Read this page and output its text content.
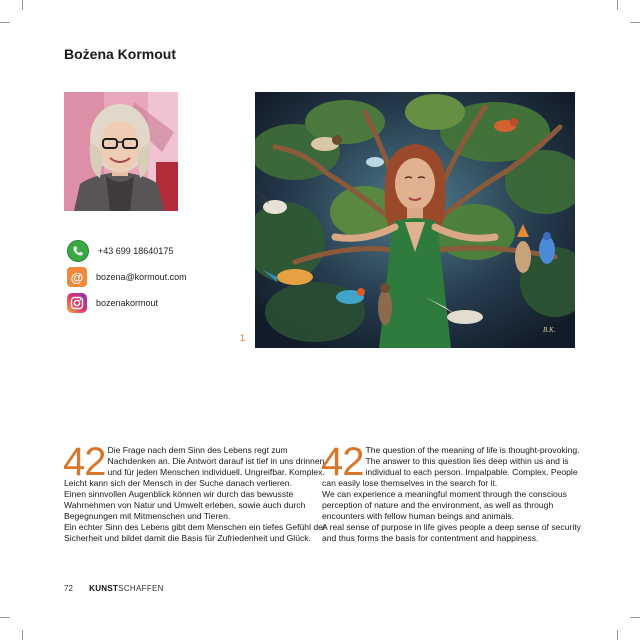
Bożena Kormout
+43 699 18640175
@ bozena@kormout.com
bozenakormout
B.K.
1
42 Die Frage nach dem Sinn des Lebens regt zum Nachdenken an. Die Antwort darauf ist tief in uns drinnen und für jeden Menschen individuell. Ungreifbar. Komplex. Leicht kann sich der Mensch in der Suche danach verlieren.
Einen sinnvollen Augenblick können wir durch das bewusste Wahrnehmen von Natur und Umwelt erleben, sowie auch durch Begegnungen mit Mitmenschen und Tieren.
Ein echter Sinn des Lebens gibt dem Menschen ein tiefes Gefühl der Sicherheit und bildet damit die Basis für Zufriedenheit und Glück.

42 The question of the meaning of life is thought-provoking. The answer to this question lies deep within us and is individual to each person. Impalpable. Complex. People can easily lose themselves in the search for it.
We can experience a meaningful moment through the conscious perception of nature and the environment, as well as through encounters with fellow human beings and animals.
A real sense of purpose in life gives people a deep sense of security and thus forms the basis for contentment and happiness.

72 KUNSTSCHAFFEN
